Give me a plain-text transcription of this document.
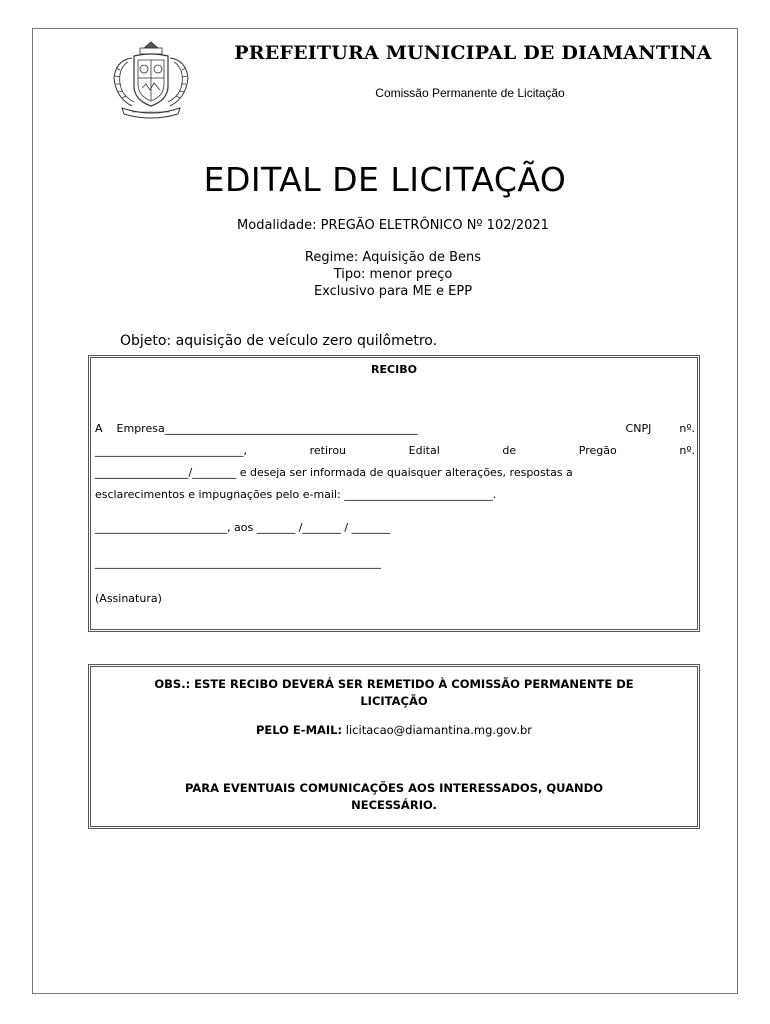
PREFEITURA MUNICIPAL DE DIAMANTINA
Comissão Permanente de Licitação
EDITAL DE LICITAÇÃO
Modalidade: PREGÃO ELETRÔNICO Nº 102/2021
Regime: Aquisição de Bens
Tipo: menor preço
Exclusivo para ME e EPP
Objeto: aquisição de veículo zero quilômetro.
RECIBO
A Empresa______________________________________________	CNPJ	nº.
___________________________,	retirou	Edital	de	Pregão	nº.
_________________/________ e deseja ser informada de quaisquer alterações, respostas a
esclarecimentos e impugnações pelo e-mail: ___________________________.
________________________, aos _______ /_______ / _______
____________________________________________________
(Assinatura)
OBS.: ESTE RECIBO DEVERÁ SER REMETIDO À COMISSÃO PERMANENTE DE
LICITAÇÃO
PELO E-MAIL: licitacao@diamantina.mg.gov.br
PARA EVENTUAIS COMUNICAÇÕES AOS INTERESSADOS, QUANDO
NECESSÁRIO.
